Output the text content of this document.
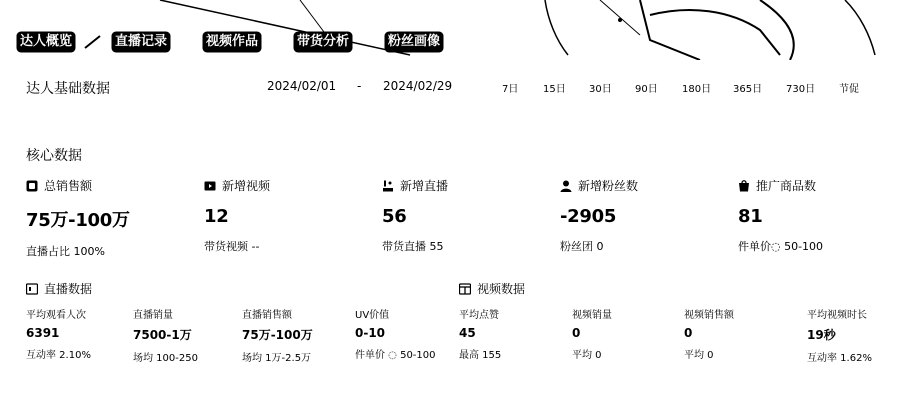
达人概览	直播记录	视频作品	带货分析	粉丝画像
达人基础数据	2024/02/01 - 2024/02/29	7日 15日 30日 90日 180日 365日 730日 节促
核心数据
总销售额
75万-100万
直播占比 100%
新增视频
12
带货视频 --
新增直播
56
带货直播 55
新增粉丝数
-2905
粉丝团 0
推广商品数
81
件单价◌ 50-100
直播数据
平均观看人次
6391
互动率 2.10%
直播销量
7500-1万
场均 100-250
直播销售额
75万-100万
场均 1万-2.5万
UV价值
0-10
件单价 ◌ 50-100
视频数据
平均点赞
45
最高 155
视频销量
0
平均 0
视频销售额
0
平均 0
平均视频时长
19秒
互动率 1.62%
